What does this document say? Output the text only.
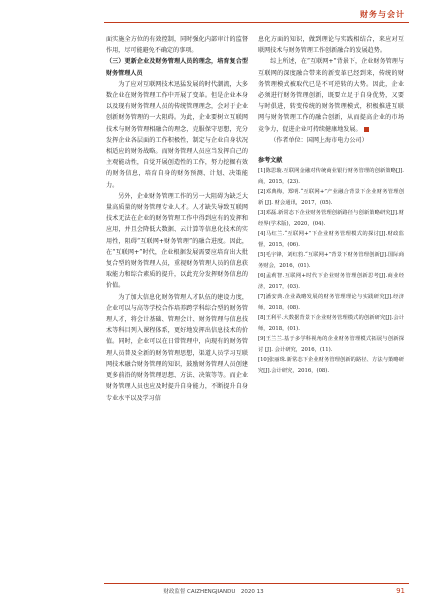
财务与会计

面实施全方位的有效控制，同时强化内部审计的监督作用，尽可能避免不确定的事项。

（三）更新企业及财务管理人员的理念，培育复合型财务管理人员

为了应对互联网技术迅猛发展的时代潮流，大多数企业在财务管理工作中开展了变革。但是企业本身以及现有财务管理人员的传统管理理念，会对于企业创新财务管理的一大阻碍。为此，企业要树立互联网技术与财务管理相融合的理念，克服保守思想，充分发挥企业各层面的工作积极性，制定与企业自身状况相适应的财务战略。而财务管理人员应当发挥自己的主观能动性，自觉开展创造性的工作，努力挖掘有效的财务信息，培育自身的财务预测、计划、决策能力。

另外，企业财务管理工作的另一大阻碍为缺乏大量高质量的财务管理专业人才。人才缺失导致互联网技术无法在企业的财务管理工作中得到应有的发挥和应用，并且会降低大数据、云计算等信息化技术的实用性，阻碍“互联网+财务管理”的融合进度。因此，在“互联网+”时代，企业根据发展需要应培育出大批复合型的财务管理人员，重视财务管理人员的信息获取能力和综合素质的提升，以此充分发挥财务信息的价值。

为了加大信息化财务管理人才队伍的建设力度，企业可以与高等学校合作培养跨学科综合型的财务管理人才，将会计基础、管理会计、财务管理与信息技术等科目列入课程体系，更好地发挥出信息技术的价值。同时，企业可以在日常管理中，向现有的财务管理人员普及全新的财务管理思想，渠道人员学习互联网技术融合财务管理的知识，鼓励财务管理人员创建更多前沿的财务管理思想、方法、决策等等。而企业财务管理人员也应及时提升自身能力，不断提升自身专业水平以及学习信

息化方面的知识，做到理论与实践相结合，来应对互联网技术与财务管理工作创新融合的发展趋势。

综上所述，在“互联网+”背景下，企业财务管理与互联网的深度融合带来的新变革已经到来，传统的财务管理模式被取代已是不可逆转的大势。因此，企业必须进行财务管理创新，既要立足于自身优势，又要与时俱进，转变传统的财务管理模式，积极推进互联网与财务管理工作的融合创新，从而提高企业的市场竞争力，促进企业可持续健康地发展。

（作者单位：国网上海市电力公司）

参考文献

[1]陈思璇.互联网金融对传统商业银行财务管理的创新策略[J].商，2015，(23).

[2]邓典梅，郑明.“互联网+”产业融合背景下企业财务管理创新 [J]. 财会通讯，2017，(05).

[3]邓磊.新常态下企业财务管理创新路径与创新策略研究[J].财经界(学术版)，2020，(04).

[4]马红兰.“互联网+”下企业财务管理模式的探讨[J].财政监督，2015，(06).

[5]毛宇锋，刘红豹.“互联网+”背景下财务管理创新[J].国际商务财会，2016，(01).

[6]孟莉智.互联网+时代下企业财务管理创新思考[J].商业经济，2017，(03).

[7]潘安典.企业战略发展的财务管理理论与实践研究[J].经济师，2018，(08).

[8]王利平.大数据背景下企业财务管理模式的创新研究[J].会计师，2018，(01).

[9]王兰兰.基于多学科视角的企业财务管理模式拓展与创新探讨 [J]. 会计研究，2016，(11).

[10]张丽珠.新常态下企业财务管理创新的路径、方法与策略研究[J].会计研究，2016，(08).

财政监督 CAIZHENGJIANDU　2020 13	91
